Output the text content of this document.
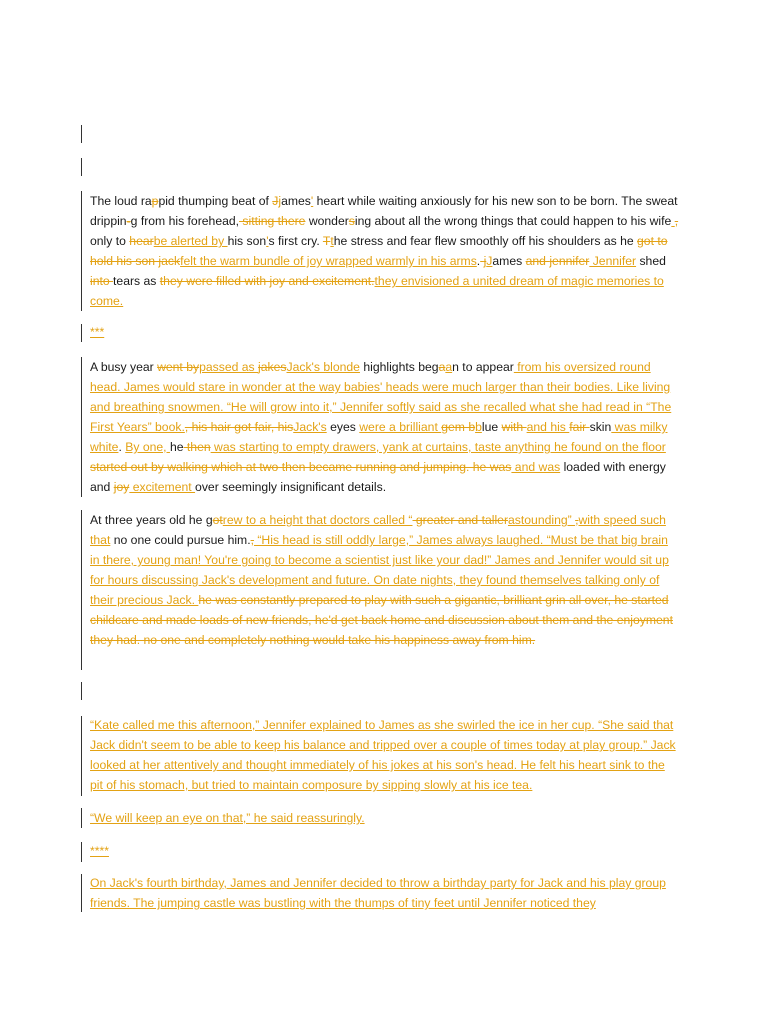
The loud rappid thumping beat of Jjames' heart while waiting anxiously for his new son to be born. The sweat drippin-g from his forehead, sitting there wondersing about all the wrong things that could happen to his wife , only to hearbe alerted by his son's first cry. Tthe stress and fear flew smoothly off his shoulders as he got to hold his son jackfelt the warm bundle of joy wrapped warmly in his arms. jJames and jennifer Jennifer shed into tears as they were filled with joy and excitement.they envisioned a united dream of magic memories to come.

***

A busy year went bypassed as jakesJack's blonde highlights begaan to appear from his oversized round head. James would stare in wonder at the way babies' heads were much larger than their bodies. Like living and breathing snowmen. “He will grow into it,” Jennifer softly said as she recalled what she had read in “The First Years” book., his hair got fair, hisJack's eyes were a brilliant gem bblue with and his fair skin was milky white. By one, he then was starting to empty drawers, yank at curtains, taste anything he found on the floor started out by walking which at two then became running and jumping. he was and was loaded with energy and joy excitement over seemingly insignificant details.

At three years old he gotrew to a height that doctors called “ greater and tallerastounding” ,with speed such that no one could pursue him., “His head is still oddly large,” James always laughed. “Must be that big brain in there, young man! You're going to become a scientist just like your dad!” James and Jennifer would sit up for hours discussing Jack's development and future. On date nights, they found themselves talking only of their precious Jack. he was constantly prepared to play with such a gigantic, brilliant grin all over, he started childcare and made loads of new friends, he'd get back home and discussion about them and the enjoyment they had. no one and completely nothing would take his happiness away from him.

“Kate called me this afternoon,” Jennifer explained to James as she swirled the ice in her cup. “She said that Jack didn't seem to be able to keep his balance and tripped over a couple of times today at play group.” Jack looked at her attentively and thought immediately of his jokes at his son's head. He felt his heart sink to the pit of his stomach, but tried to maintain composure by sipping slowly at his ice tea.

“We will keep an eye on that,” he said reassuringly.

****

On Jack's fourth birthday, James and Jennifer decided to throw a birthday party for Jack and his play group friends. The jumping castle was bustling with the thumps of tiny feet until Jennifer noticed they
